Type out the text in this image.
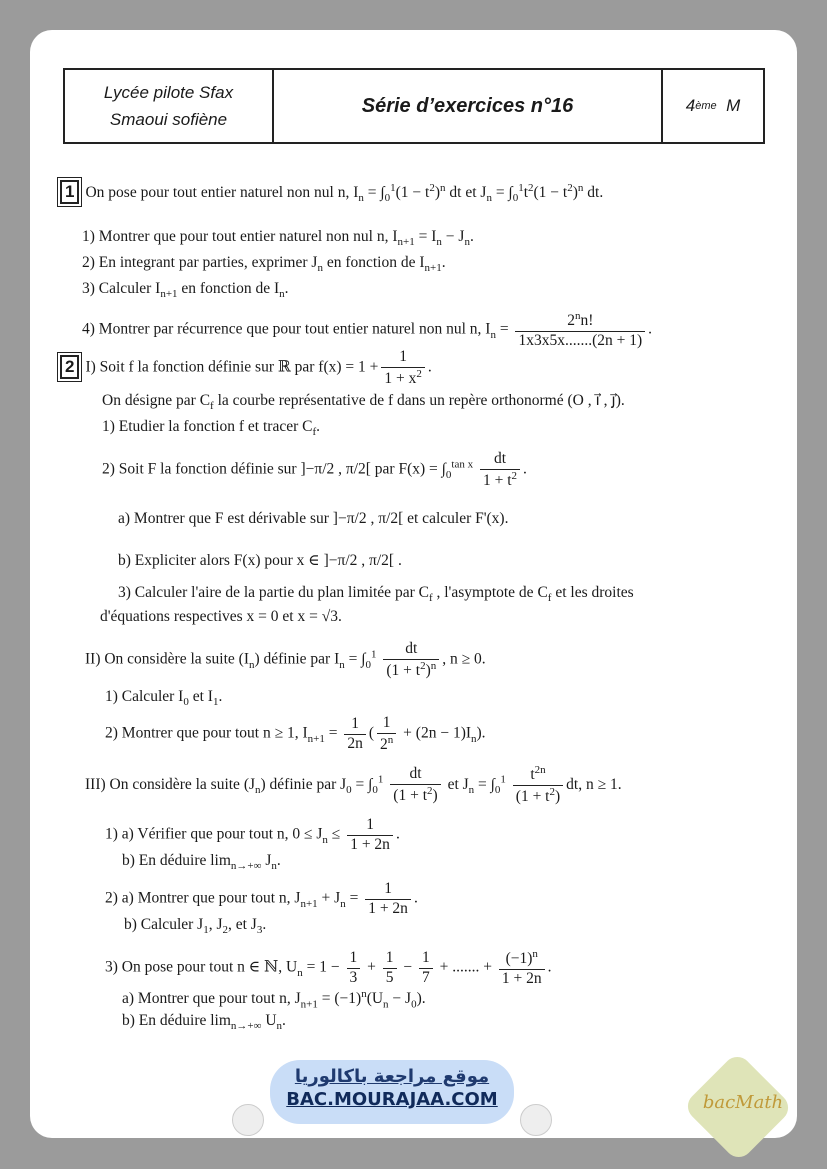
Lycée pilote Sfax
Smaoui sofiène
Série d’exercices n°16	4 ème
M
1 On pose pour tout entier naturel non nul n, $I_n = \int_0^1(1 - t^2)^n$ dt et $J_n = \int_0^1t^2(1 - t^2)^n$ dt.
1) Montrer que pour tout entier naturel non nul n, $I_{n+1} = I_n - J_n$.
2) En integrant par parties, exprimer $J_n$ en fonction de $I_{n+1}$.
3) Calculer $I_{n+1}$ en fonction de $I_n$.
4) Montrer par récurrence que pour tout entier naturel non nul n, $I_n = \frac{2^nn!}{1x3x5x.......(2n + 1)}$ .
2 I) Soit f la fonction définie sur ℝ par $f(x) = 1 + \frac{1}{1 + x^2}$ .
On désigne par $C_f$ la courbe représentative de f dans un repère orthonormé (O , i⃗ , j⃗).
1) Etudier la fonction f et tracer $C_f$.
2) Soit F la fonction définie sur ]−π/2 , π/2[ par $F(x) = \int_0^{tan x} \frac{dt}{1 + t^2}$ .
a) Montrer que F est dérivable sur ]−π/2 , π/2[ et calculer F'(x).
b) Expliciter alors F(x) pour x ∈ ]−π/2 , π/2[ .
3) Calculer l'aire de la partie du plan limitée par $C_f$ , l'asymptote de $C_f$ et les droites
d'équations respectives x = 0 et x = √3.
II) On considère la suite $(I_n)$ définie par $I_n = \int_0^1 \frac{dt}{(1 + t^2)^n}$ , n ≥ 0.
1) Calculer $I_0$ et $I_1$.
2) Montrer que pour tout n ≥ 1, $I_{n+1} = \frac{1}{2n}$ ( $\frac{1}{2^n} + (2n - 1)I_n$).
III) On considère la suite $(J_n)$ définie par $J_0 = \int_0^1 \frac{dt}{(1 + t^2)}$ et $J_n = \int_0^1 \frac{t^{2n}}{(1 + t^2)}$ dt, n ≥ 1.
1) a) Vérifier que pour tout n, $0 \le J_n \le \frac{1}{1 + 2n}$ .
b) En déduire $\lim_{n\to+\infty} J_n$.
2) a) Montrer que pour tout n, $J_{n+1} + J_n = \frac{1}{1 + 2n}$ .
b) Calculer $J_1$, $J_2$, et $J_3$.
3) On pose pour tout n ∈ ℕ, $U_n = 1 - \frac{1}{3} + \frac{1}{5} - \frac{1}{7}$ + ....... + $\frac{(-1)^n}{1 + 2n}$ .
a) Montrer que pour tout n, $J_{n+1} = (-1)^n(U_n - J_0)$.
b) En déduire $\lim_{n\to+\infty} U_n$.
موقع مراجعة باكالوريا
BAC.MOURAJAA.COM	bacMath
